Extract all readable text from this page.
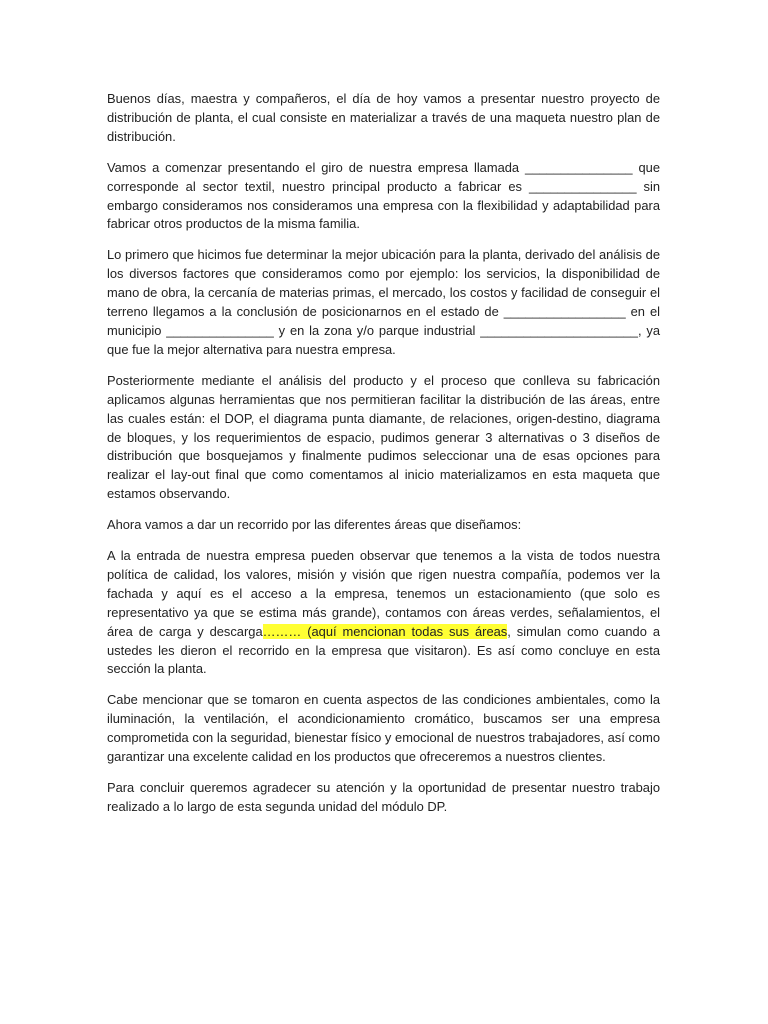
Buenos días, maestra y compañeros, el día de hoy vamos a presentar nuestro proyecto de distribución de planta, el cual consiste en materializar a través de una maqueta nuestro plan de distribución.

Vamos a comenzar presentando el giro de nuestra empresa llamada _______________ que corresponde al sector textil, nuestro principal producto a fabricar es _______________ sin embargo consideramos nos consideramos una empresa con la flexibilidad y adaptabilidad para fabricar otros productos de la misma familia.

Lo primero que hicimos fue determinar la mejor ubicación para la planta, derivado del análisis de los diversos factores que consideramos como por ejemplo: los servicios, la disponibilidad de mano de obra, la cercanía de materias primas, el mercado, los costos y facilidad de conseguir el terreno llegamos a la conclusión de posicionarnos en el estado de _________________ en el municipio _______________ y en la zona y/o parque industrial ______________________, ya que fue la mejor alternativa para nuestra empresa.

Posteriormente mediante el análisis del producto y el proceso que conlleva su fabricación aplicamos algunas herramientas que nos permitieran facilitar la distribución de las áreas, entre las cuales están: el DOP, el diagrama punta diamante, de relaciones, origen-destino, diagrama de bloques, y los requerimientos de espacio, pudimos generar 3 alternativas o 3 diseños de distribución que bosquejamos y finalmente pudimos seleccionar una de esas opciones para realizar el lay-out final que como comentamos al inicio materializamos en esta maqueta que estamos observando.

Ahora vamos a dar un recorrido por las diferentes áreas que diseñamos:

A la entrada de nuestra empresa pueden observar que tenemos a la vista de todos nuestra política de calidad, los valores, misión y visión que rigen nuestra compañía, podemos ver la fachada y aquí es el acceso a la empresa, tenemos un estacionamiento (que solo es representativo ya que se estima más grande), contamos con áreas verdes, señalamientos, el área de carga y descarga……… (aquí mencionan todas sus áreas, simulan como cuando a ustedes les dieron el recorrido en la empresa que visitaron). Es así como concluye en esta sección la planta.

Cabe mencionar que se tomaron en cuenta aspectos de las condiciones ambientales, como la iluminación, la ventilación, el acondicionamiento cromático, buscamos ser una empresa comprometida con la seguridad, bienestar físico y emocional de nuestros trabajadores, así como garantizar una excelente calidad en los productos que ofreceremos a nuestros clientes.

Para concluir queremos agradecer su atención y la oportunidad de presentar nuestro trabajo realizado a lo largo de esta segunda unidad del módulo DP.
